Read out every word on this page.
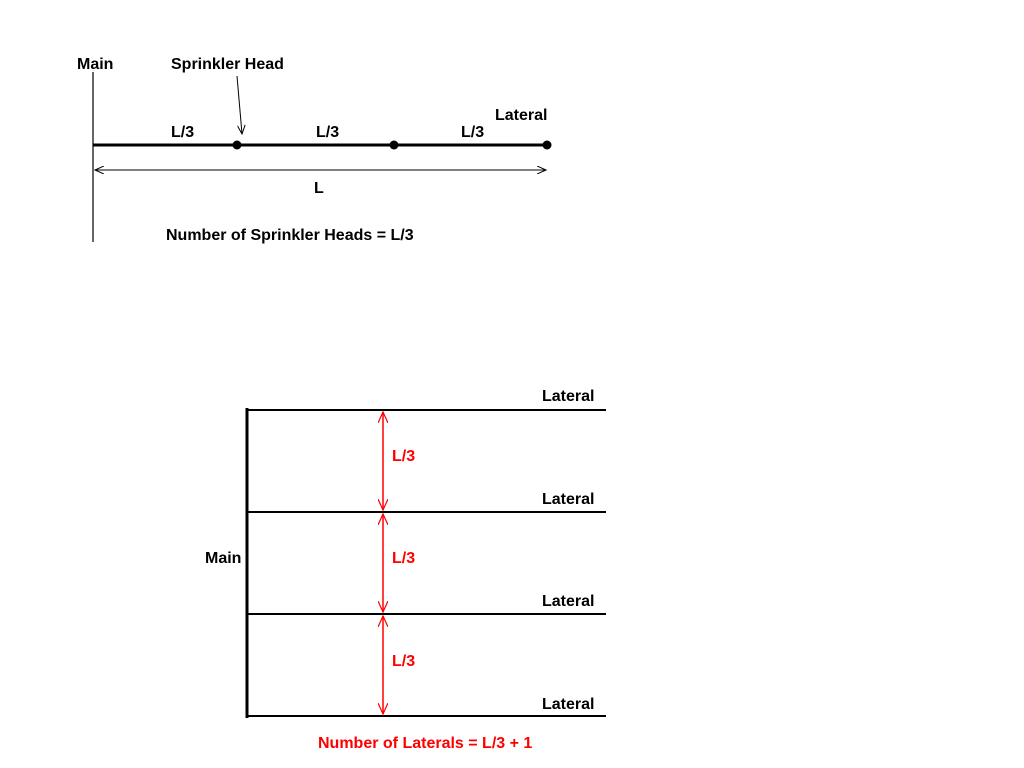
Main	Sprinkler Head
Lateral
L/3	L/3	L/3
L
Number of Sprinkler Heads = L/3
Main
Lateral
Lateral
Lateral
Lateral
L/3
L/3
L/3
Number of Laterals = L/3 + 1
